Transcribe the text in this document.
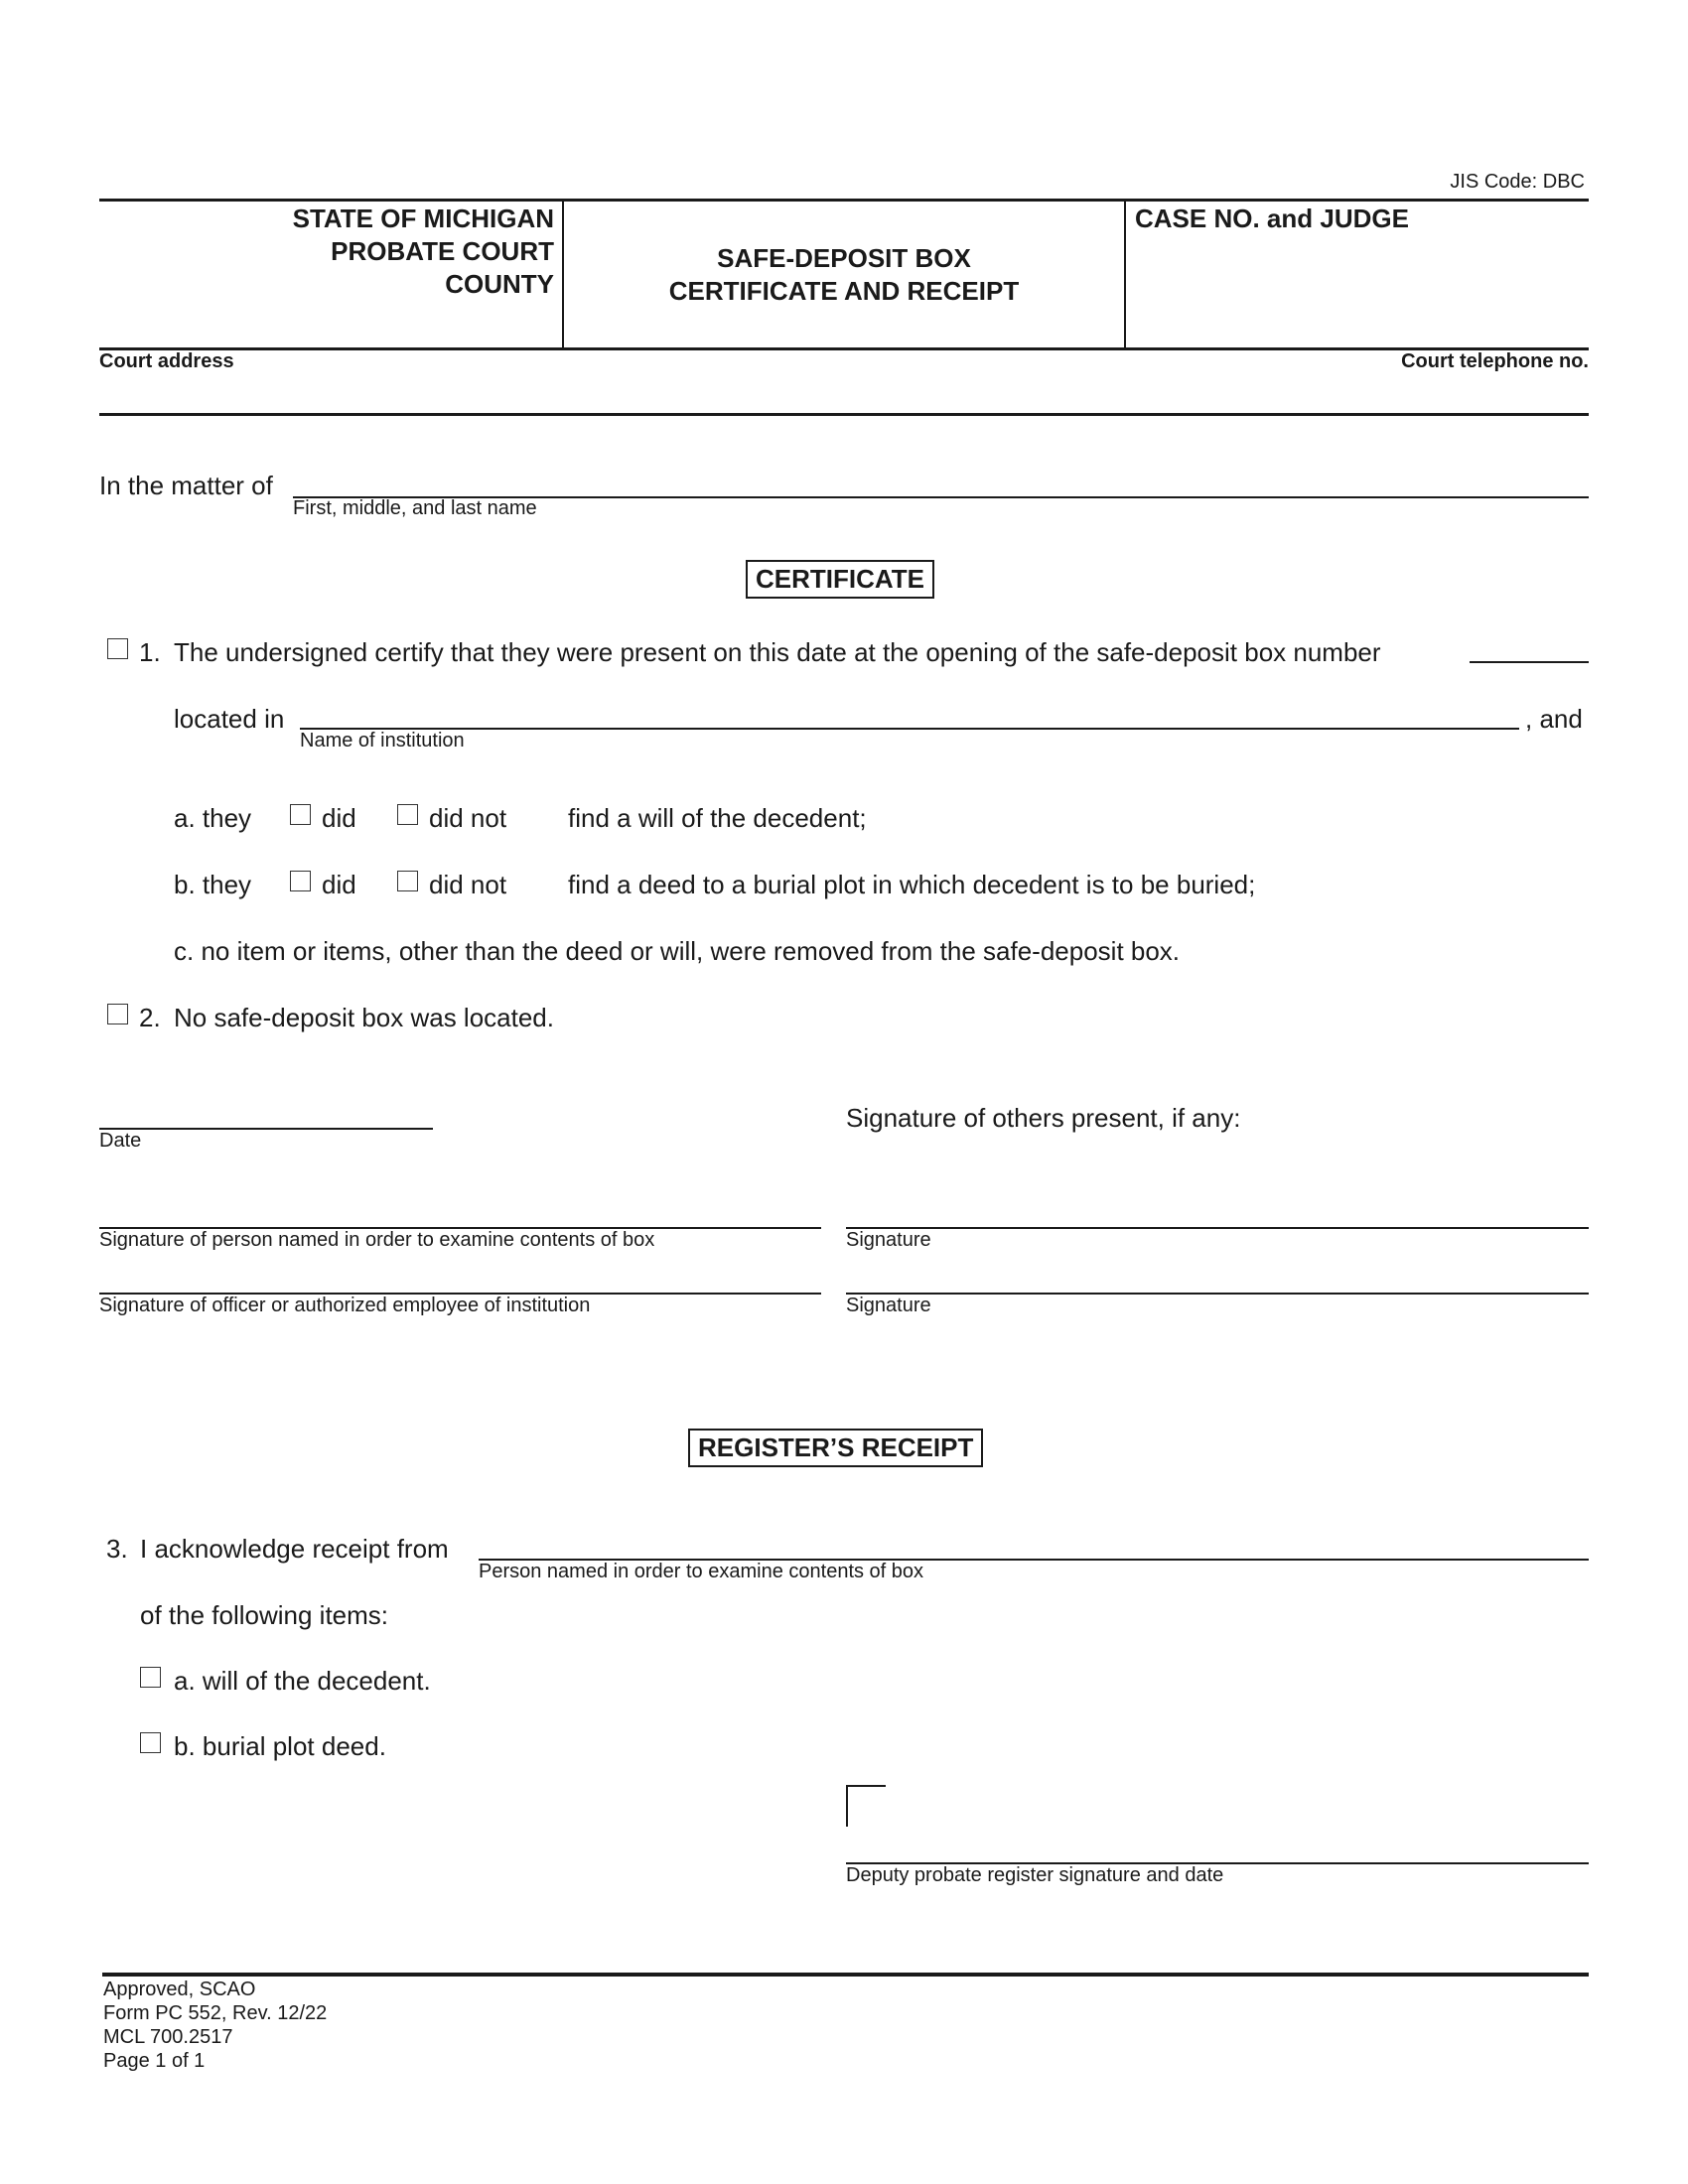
JIS Code: DBC
STATE OF MICHIGAN
PROBATE COURT
COUNTY
SAFE-DEPOSIT BOX
CERTIFICATE AND RECEIPT
CASE NO. and JUDGE
Court address	Court telephone no.
In the matter of
First, middle, and last name
CERTIFICATE
1. The undersigned certify that they were present on this date at the opening of the safe-deposit box number
located in
Name of institution
, and
a. they	did	did not find a will of the decedent;
b. they	did	did not find a deed to a burial plot in which decedent is to be buried;
c. no item or items, other than the deed or will, were removed from the safe-deposit box.
2. No safe-deposit box was located.
Date
Signature of others present, if any:
Signature of person named in order to examine contents of box	Signature
Signature of officer or authorized employee of institution	Signature
REGISTER’S RECEIPT
3. I acknowledge receipt from
Person named in order to examine contents of box
of the following items:
a. will of the decedent.
b. burial plot deed.
Deputy probate register signature and date
Approved, SCAO
Form PC 552, Rev. 12/22
MCL 700.2517
Page 1 of 1
